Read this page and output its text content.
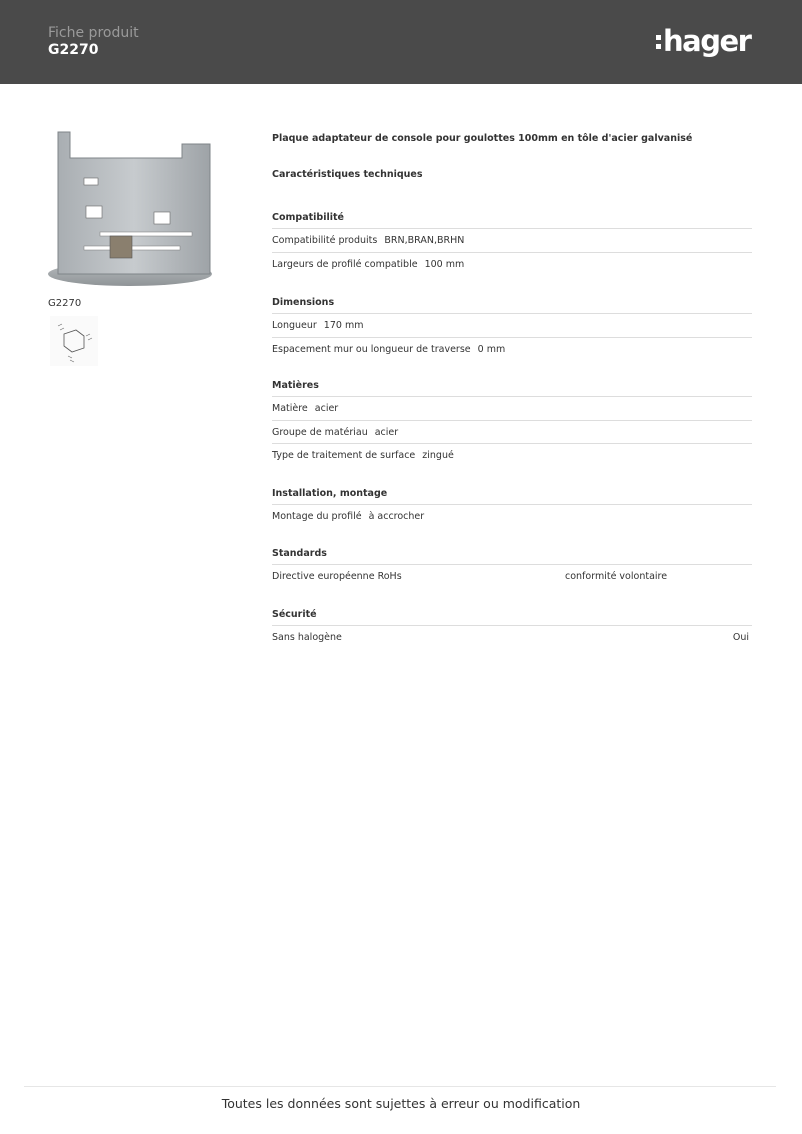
Fiche produit
G2270	hager
G2270
Plaque adaptateur de console pour goulottes 100mm en tôle d'acier galvanisé
Caractéristiques techniques
Compatibilité
Compatibilité produits BRN,BRAN,BRHN
Largeurs de profilé compatible 100 mm
Dimensions
Longueur 170 mm
Espacement mur ou longueur de traverse 0 mm
Matières
Matière acier
Groupe de matériau acier
Type de traitement de surface zingué
Installation, montage
Montage du profilé à accrocher
Standards
Directive européenne RoHs	conformité volontaire
Sécurité
Sans halogène	Oui
Toutes les données sont sujettes à erreur ou modification
